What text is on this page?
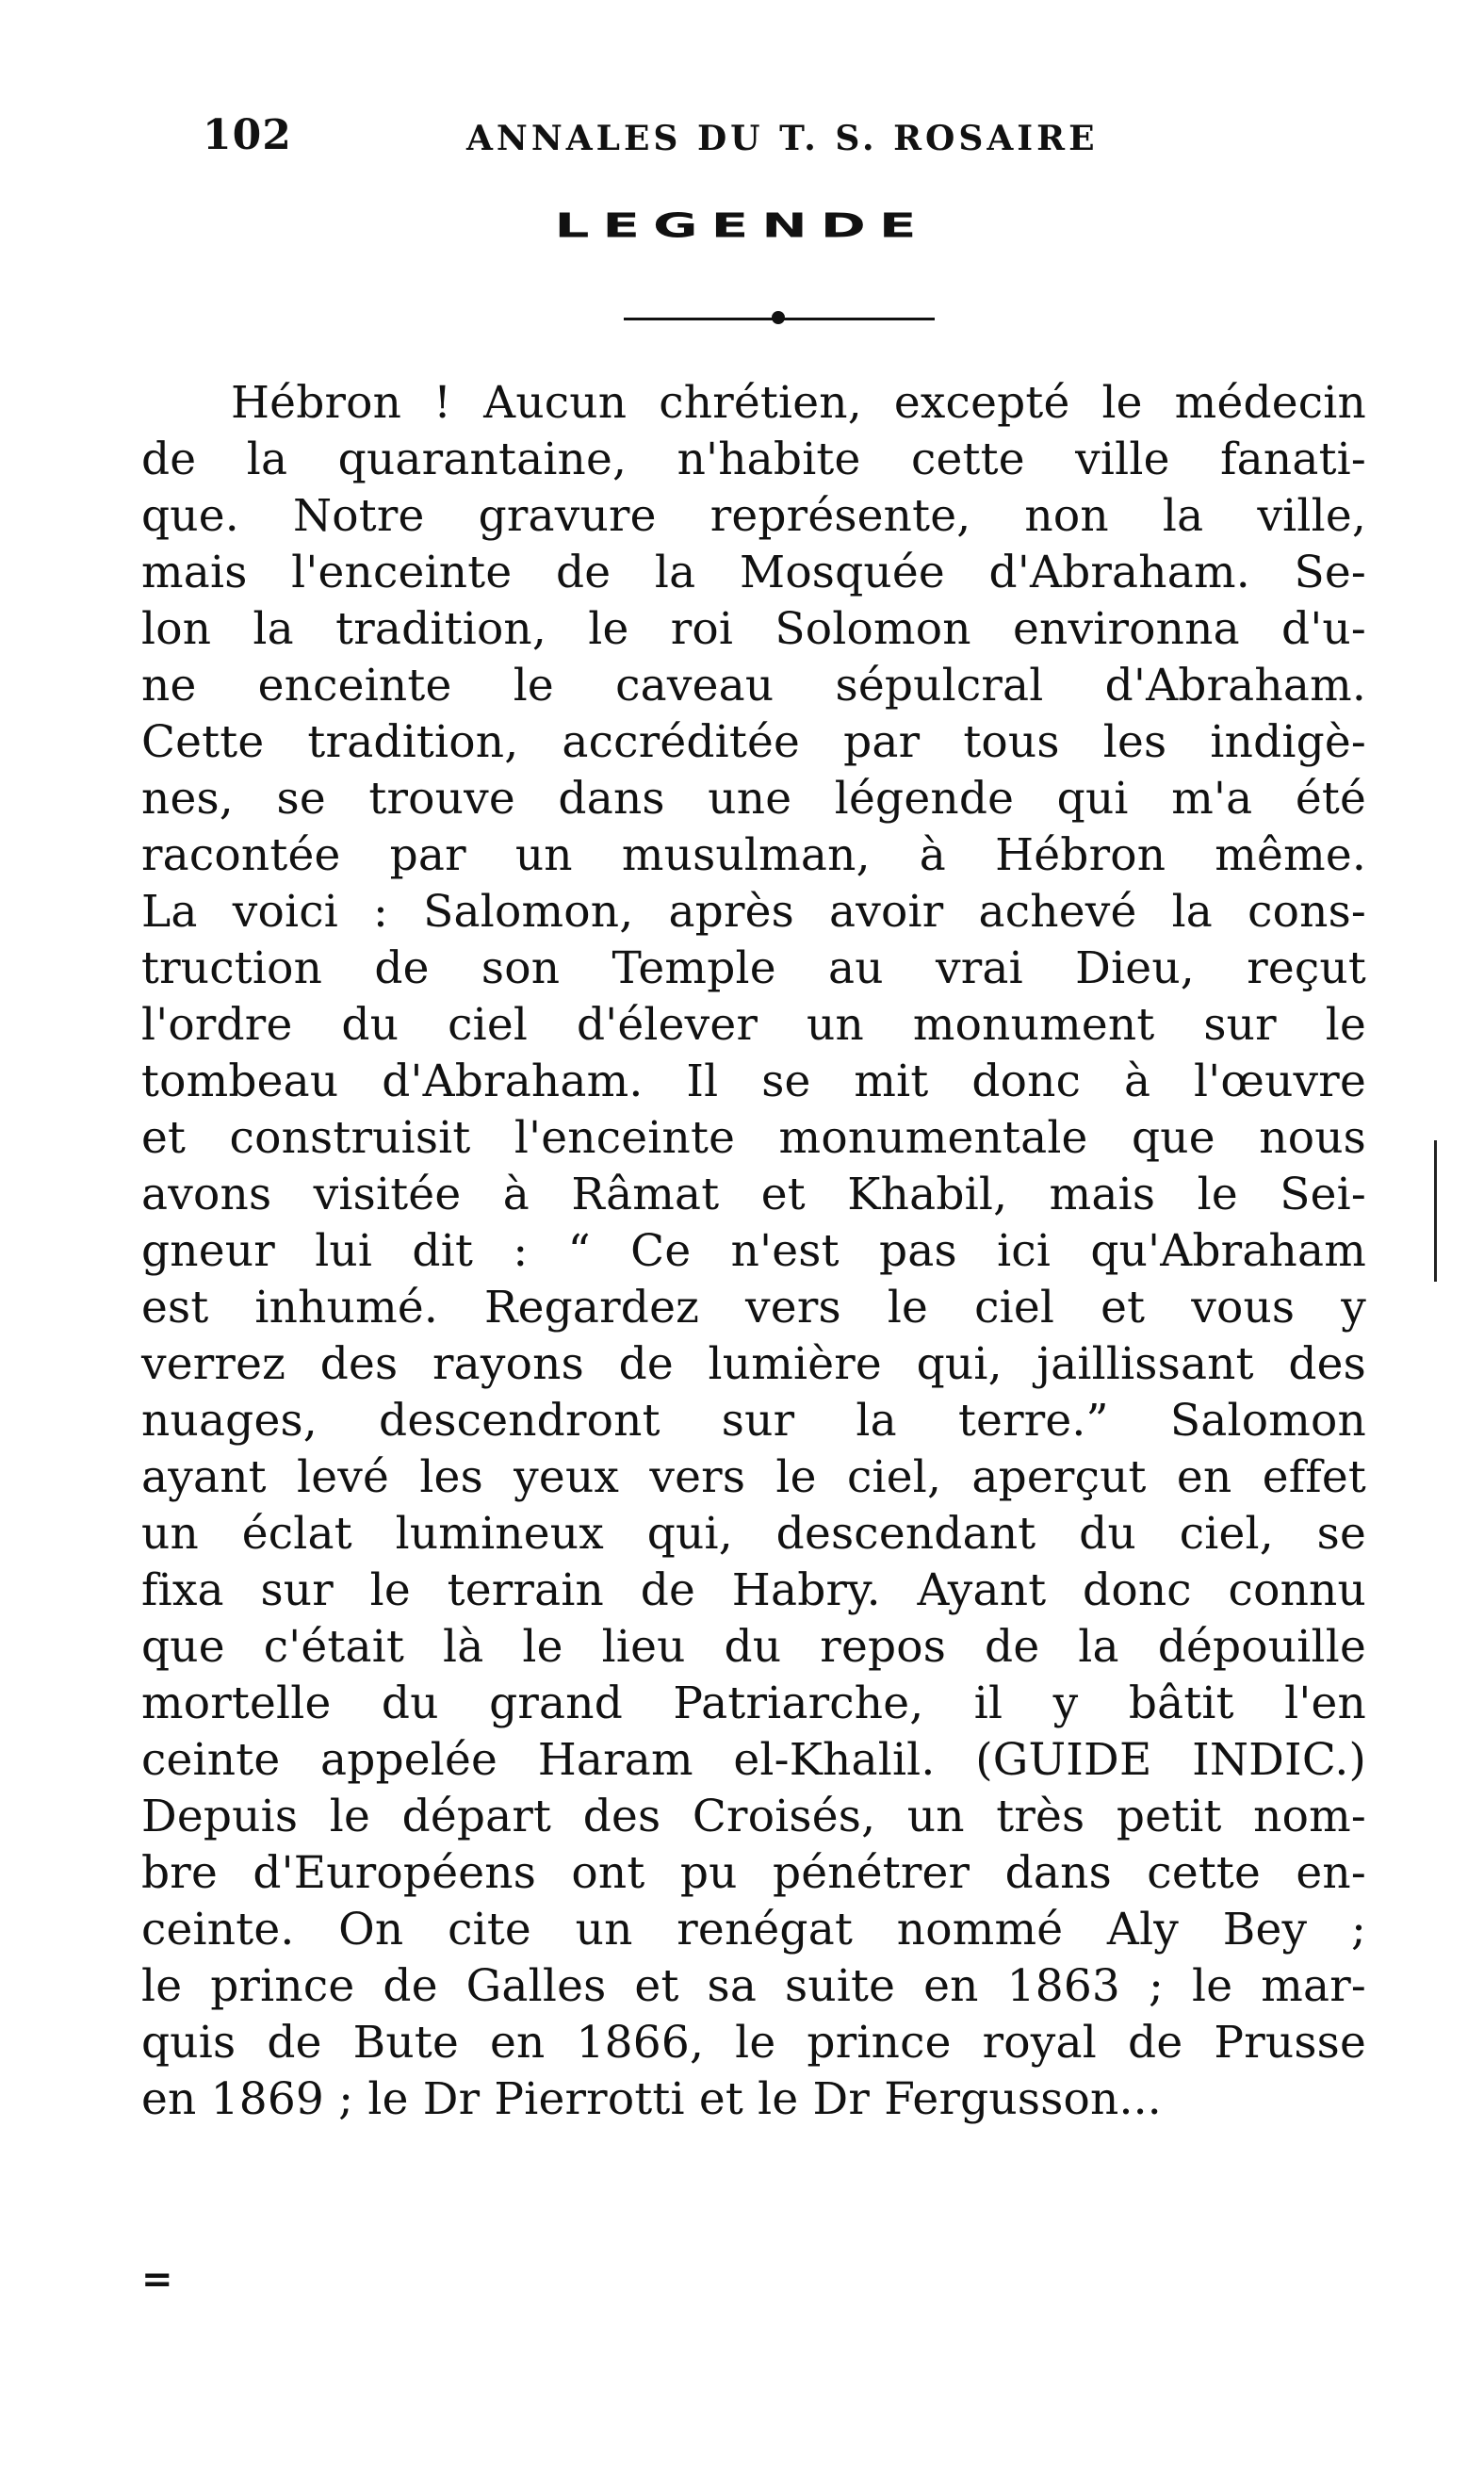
102	ANNALES DU T. S. ROSAIRE
LEGENDE
Hébron ! Aucun chrétien, excepté le médecin
de la quarantaine, n'habite cette ville fanati-
que. Notre gravure représente, non la ville,
mais l'enceinte de la Mosquée d'Abraham. Se-
lon la tradition, le roi Solomon environna d'u-
ne enceinte le caveau sépulcral d'Abraham.
Cette tradition, accréditée par tous les indigè-
nes, se trouve dans une légende qui m'a été
racontée par un musulman, à Hébron même.
La voici : Salomon, après avoir achevé la cons-
truction de son Temple au vrai Dieu, reçut
l'ordre du ciel d'élever un monument sur le
tombeau d'Abraham. Il se mit donc à l'œuvre
et construisit l'enceinte monumentale que nous
avons visitée à Râmat et Khabil, mais le Sei-
gneur lui dit : “ Ce n'est pas ici qu'Abraham
est inhumé. Regardez vers le ciel et vous y
verrez des rayons de lumière qui, jaillissant des
nuages, descendront sur la terre.” Salomon
ayant levé les yeux vers le ciel, aperçut en effet
un éclat lumineux qui, descendant du ciel, se
fixa sur le terrain de Habry. Ayant donc connu
que c'était là le lieu du repos de la dépouille
mortelle du grand Patriarche, il y bâtit l'en
ceinte appelée Haram el-Khalil. (GUIDE INDIC.)
Depuis le départ des Croisés, un très petit nom-
bre d'Européens ont pu pénétrer dans cette en-
ceinte. On cite un renégat nommé Aly Bey ;
le prince de Galles et sa suite en 1863 ; le mar-
quis de Bute en 1866, le prince royal de Prusse
en 1869 ; le Dr Pierrotti et le Dr Fergusson...
=
